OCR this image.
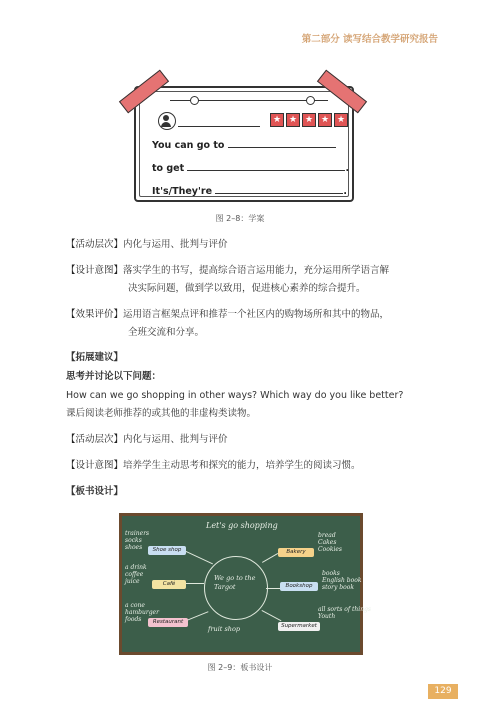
第二部分 读写结合教学研究报告
★ ★ ★ ★ ★
You can go to
to get	.
It's/They're	.
图 2–8：学案
【活动层次】内化与运用、批判与评价
【设计意图】落实学生的书写，提高综合语言运用能力，充分运用所学语言解
决实际问题，做到学以致用，促进核心素养的综合提升。
【效果评价】运用语言框架点评和推荐一个社区内的购物场所和其中的物品，
全班交流和分享。
【拓展建议】
思考并讨论以下问题：
How can we go shopping in other ways? Which way do you like better?
课后阅读老师推荐的或其他的非虚构类读物。
【活动层次】内化与运用、批判与评价
【设计意图】培养学生主动思考和探究的能力，培养学生的阅读习惯。
【板书设计】
Let's go shopping
We go to the
Targot
trainers
socks
shoes
a drink
coffee
juice
a cone
hamburger
foods
bread
Cakes
Cookies
books
English book
story book
all sorts of things
Youth
fruit shop
Shoe shop
Café
Restaurant
Bakery
Bookshop
Supermarket
图 2–9：板书设计
129
